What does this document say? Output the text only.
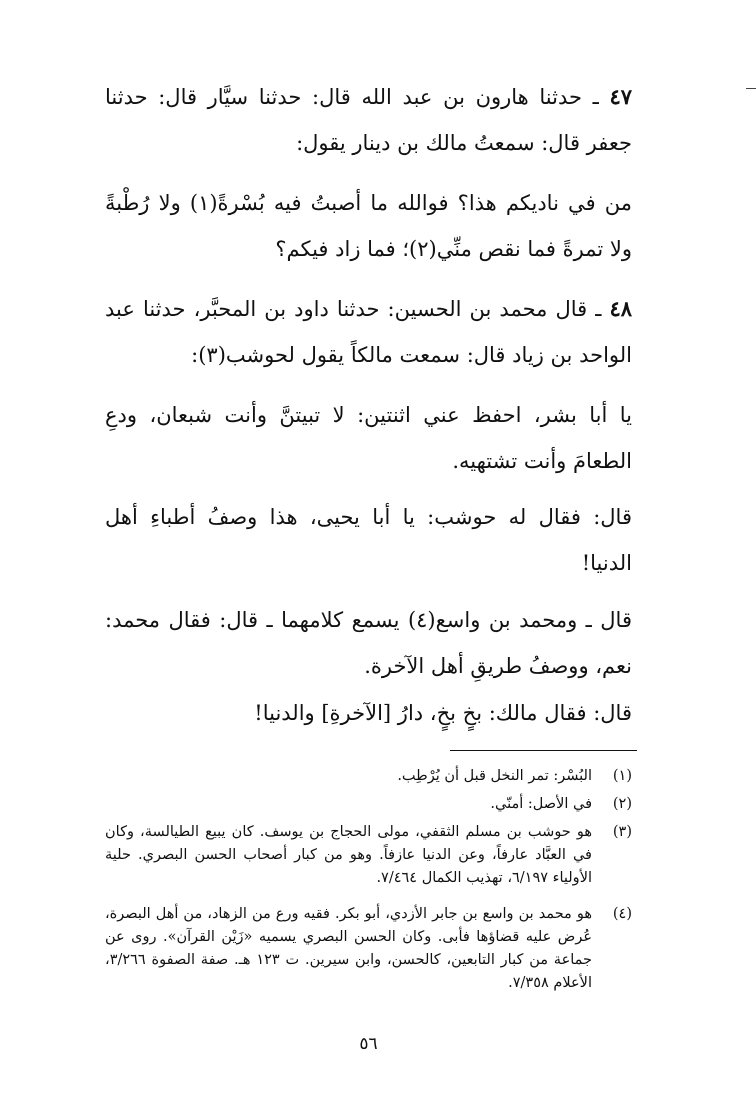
٤٧ ـ حدثنا هارون بن عبد الله قال: حدثنا سيَّار قال: حدثنا جعفر قال: سمعتُ مالك بن دينار يقول:

من في ناديكم هذا؟ فوالله ما أصبتُ فيه بُسْرةً(١) ولا رُطْبةً ولا تمرةً فما نقص منِّي(٢)؛ فما زاد فيكم؟

٤٨ ـ قال محمد بن الحسين: حدثنا داود بن المحبَّر، حدثنا عبد الواحد بن زياد قال: سمعت مالكاً يقول لحوشب(٣):

يا أبا بشر، احفظ عني اثنتين: لا تبيتنَّ وأنت شبعان، ودعِ الطعامَ وأنت تشتهيه.

قال: فقال له حوشب: يا أبا يحيى، هذا وصفُ أطباءِ أهل الدنيا!

قال ـ ومحمد بن واسع(٤) يسمع كلامهما ـ قال: فقال محمد: نعم، ووصفُ طريقِ أهل الآخرة.

قال: فقال مالك: بخٍ بخٍ، دارُ [الآخرةِ] والدنيا!

(١)
البُسْر: تمر النخل قبل أن يُرْطِب.
(٢)
في الأصل: أمنّي.
(٣)
هو حوشب بن مسلم الثقفي، مولى الحجاج بن يوسف. كان يبيع الطيالسة، وكان في العبَّاد عارفاً، وعن الدنيا عازفاً. وهو من كبار أصحاب الحسن البصري. حلية الأولياء ٦/١٩٧، تهذيب الكمال ٧/٤٦٤.
(٤)
هو محمد بن واسع بن جابر الأزدي، أبو بكر. فقيه ورع من الزهاد، من أهل البصرة، عُرض عليه قضاؤها فأبى. وكان الحسن البصري يسميه «زَيْن القرآن». روى عن جماعة من كبار التابعين، كالحسن، وابن سيرين. ت ١٢٣ هـ. صفة الصفوة ٣/٢٦٦، الأعلام ٧/٣٥٨.
٥٦
